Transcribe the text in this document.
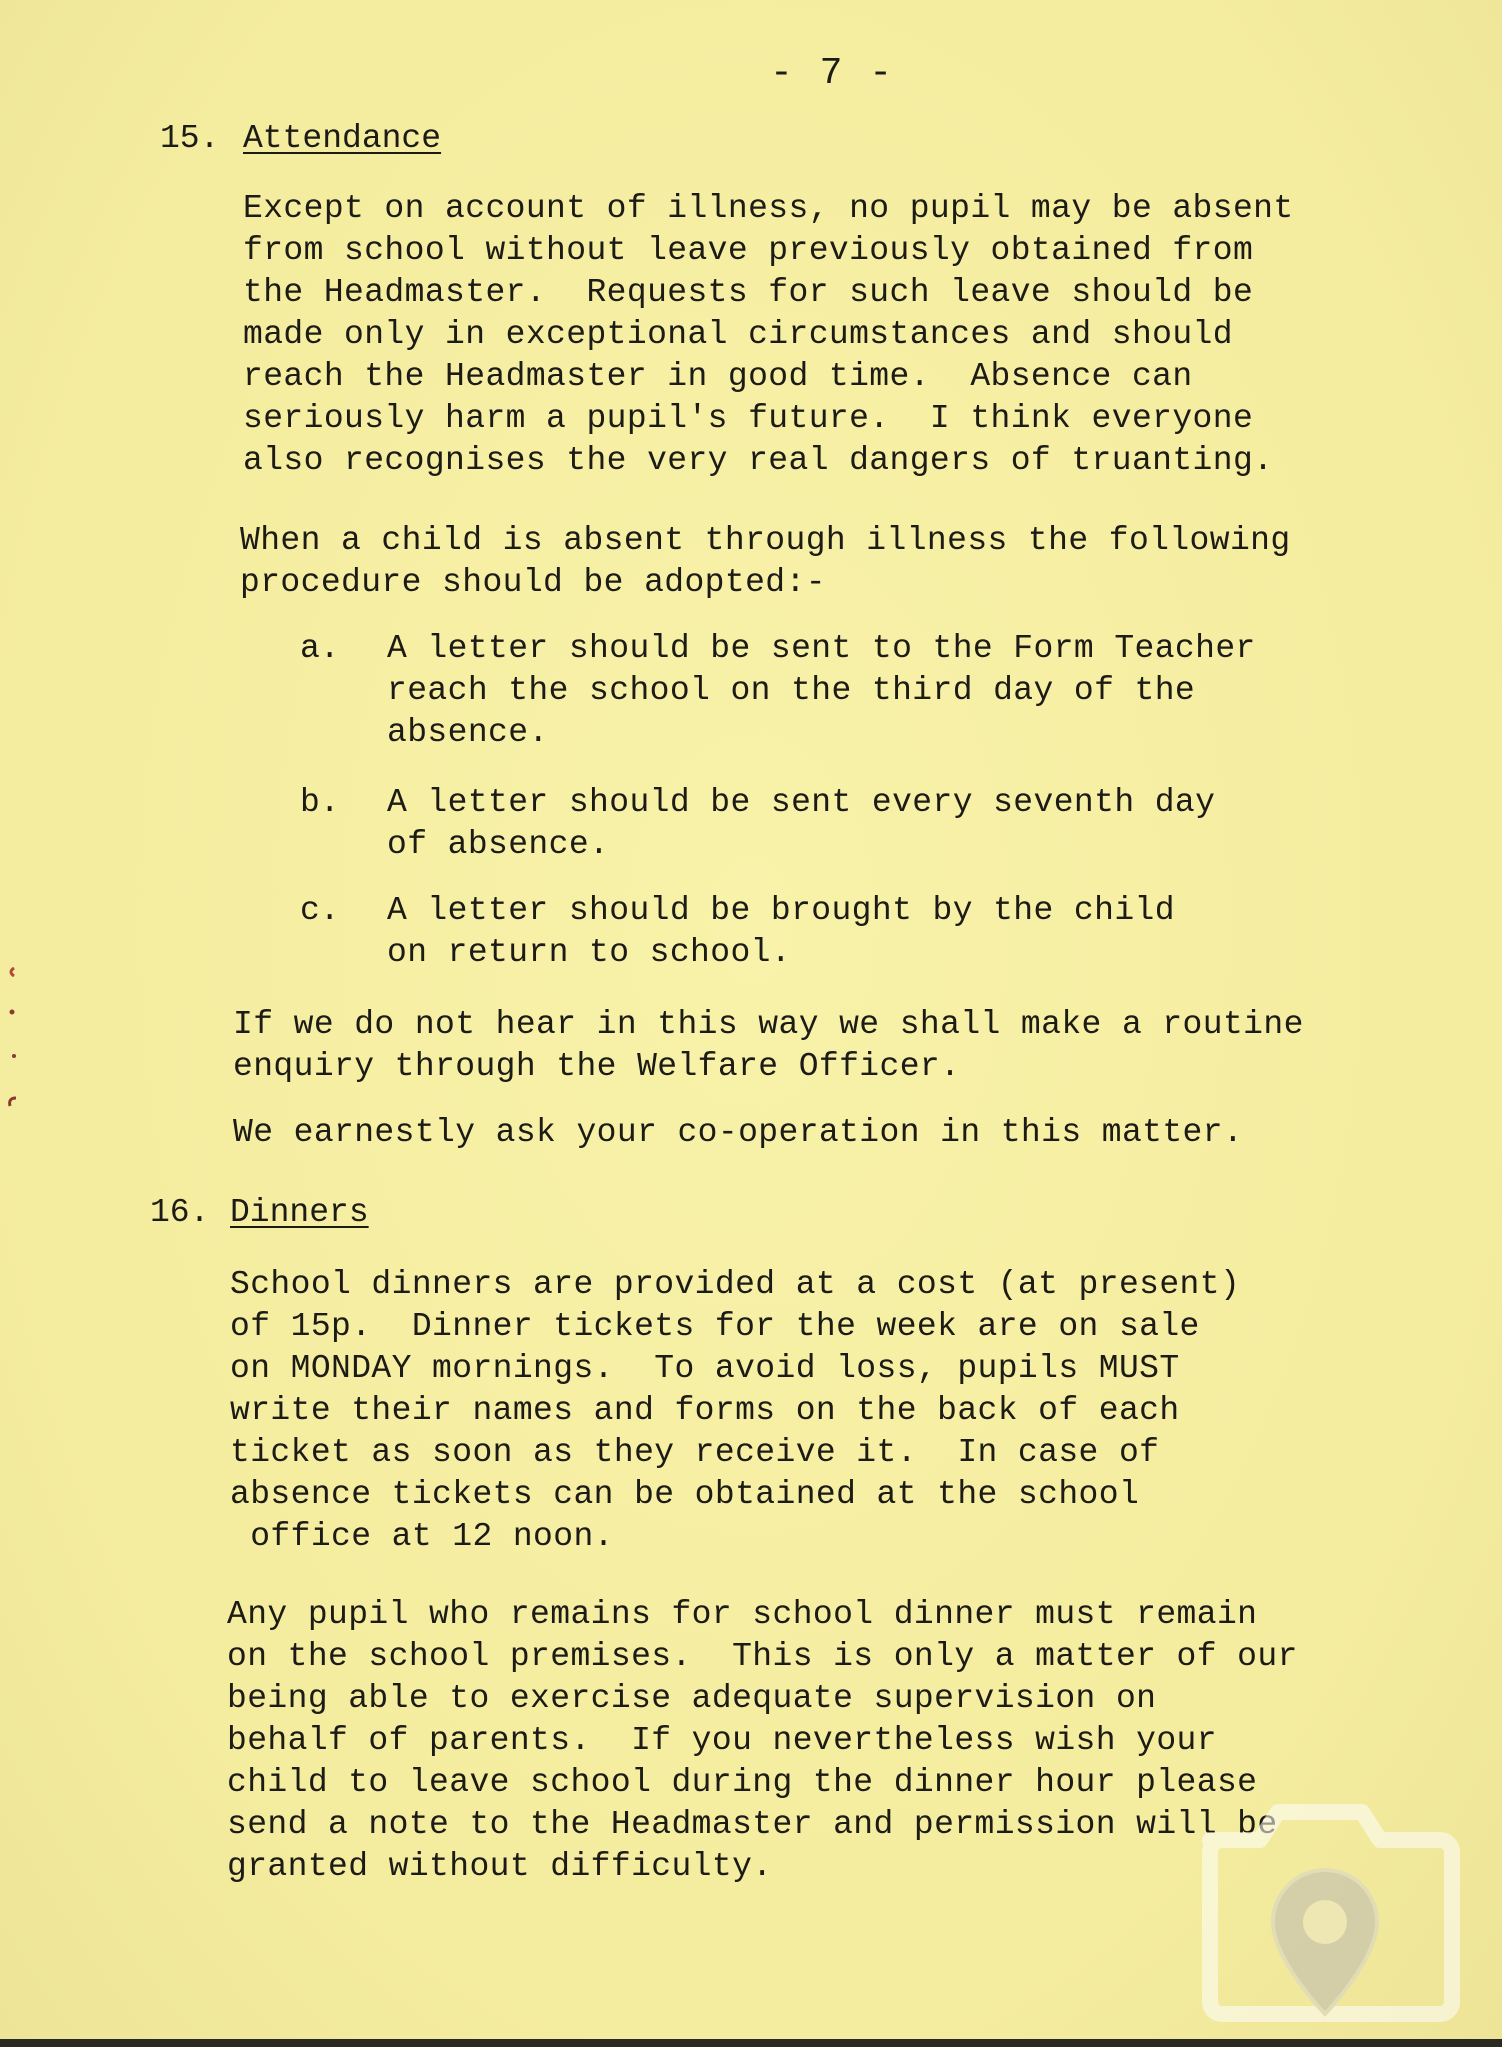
- 7 -
15. Attendance
Except on account of illness, no pupil may be absent
from school without leave previously obtained from
the Headmaster.  Requests for such leave should be
made only in exceptional circumstances and should
reach the Headmaster in good time.  Absence can
seriously harm a pupil's future.  I think everyone
also recognises the very real dangers of truanting.
When a child is absent through illness the following
procedure should be adopted:-
a. A letter should be sent to the Form Teacher
reach the school on the third day of the
absence.
b. A letter should be sent every seventh day
of absence.
c. A letter should be brought by the child
on return to school.
If we do not hear in this way we shall make a routine
enquiry through the Welfare Officer.
We earnestly ask your co-operation in this matter.
16. Dinners
School dinners are provided at a cost (at present)
of 15p.  Dinner tickets for the week are on sale
on MONDAY mornings.  To avoid loss, pupils MUST
write their names and forms on the back of each
ticket as soon as they receive it.  In case of
absence tickets can be obtained at the school
office at 12 noon.
Any pupil who remains for school dinner must remain
on the school premises.  This is only a matter of our
being able to exercise adequate supervision on
behalf of parents.  If you nevertheless wish your
child to leave school during the dinner hour please
send a note to the Headmaster and permission will be
granted without difficulty.
